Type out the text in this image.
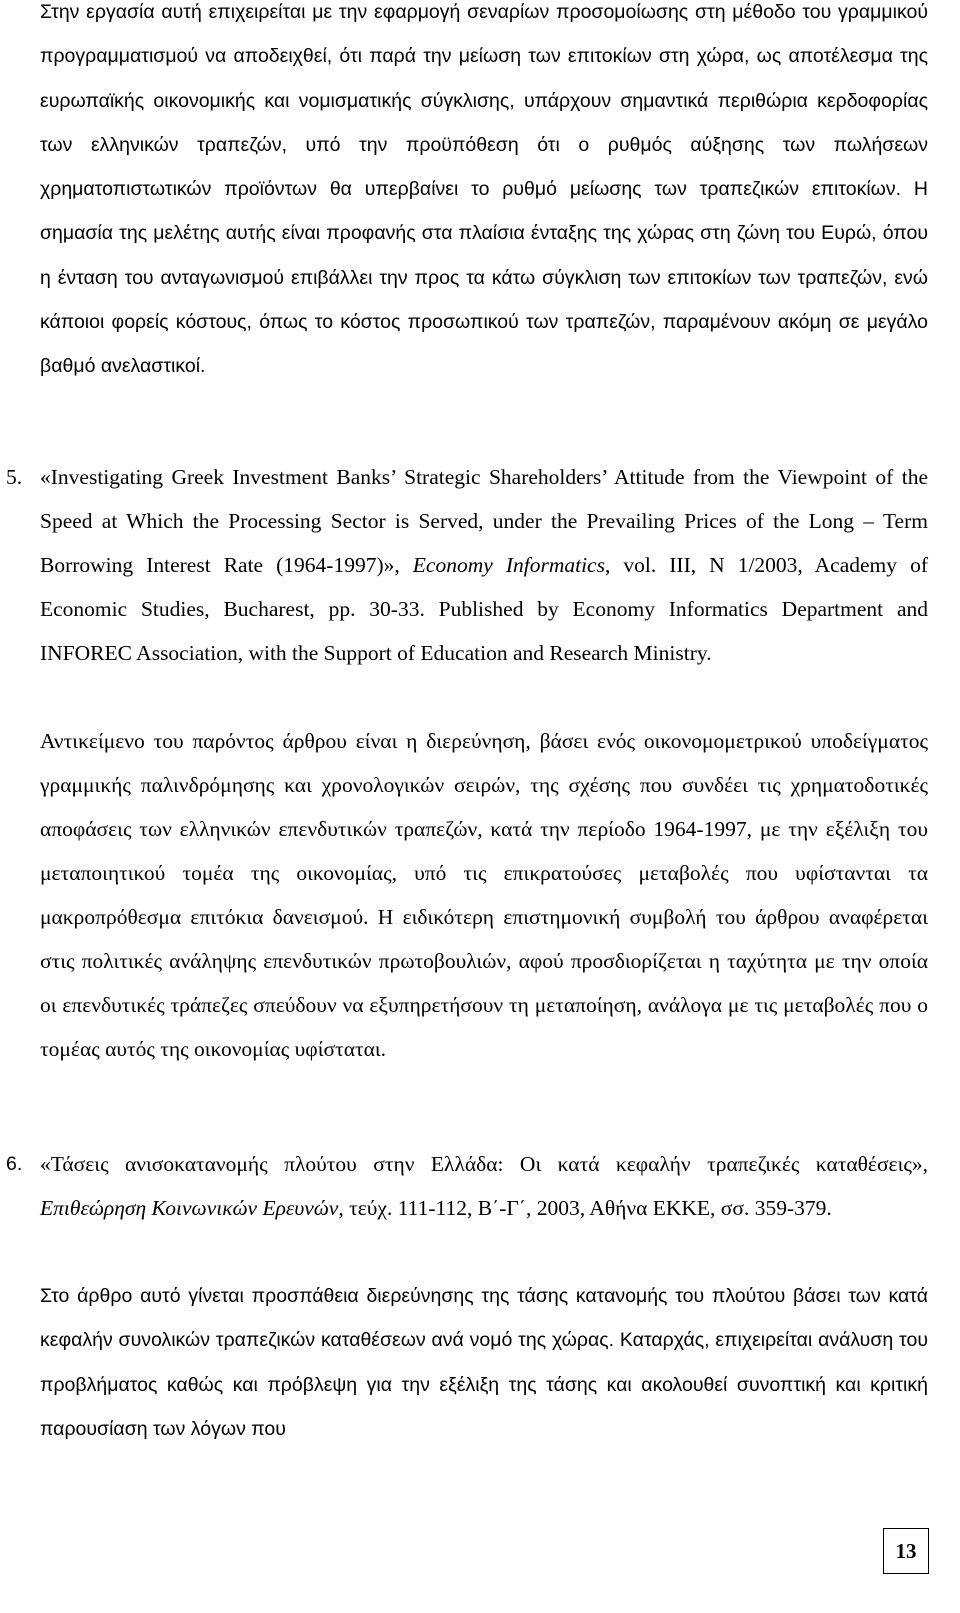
Στην εργασία αυτή επιχειρείται με την εφαρμογή σεναρίων προσομοίωσης στη μέθοδο του γραμμικού προγραμματισμού να αποδειχθεί, ότι παρά την μείωση των επιτοκίων στη χώρα, ως αποτέλεσμα της ευρωπαϊκής οικονομικής και νομισματικής σύγκλισης, υπάρχουν σημαντικά περιθώρια κερδοφορίας των ελληνικών τραπεζών, υπό την προϋπόθεση ότι ο ρυθμός αύξησης των πωλήσεων χρηματοπιστωτικών προϊόντων θα υπερβαίνει το ρυθμό μείωσης των τραπεζικών επιτοκίων. Η σημασία της μελέτης αυτής είναι προφανής στα πλαίσια ένταξης της χώρας στη ζώνη του Ευρώ, όπου η ένταση του ανταγωνισμού επιβάλλει την προς τα κάτω σύγκλιση των επιτοκίων των τραπεζών, ενώ κάποιοι φορείς κόστους, όπως το κόστος προσωπικού των τραπεζών, παραμένουν ακόμη σε μεγάλο βαθμό ανελαστικοί.

5. «Investigating Greek Investment Banks’ Strategic Shareholders’ Attitude from the Viewpoint of the Speed at Which the Processing Sector is Served, under the Prevailing Prices of the Long – Term Borrowing Interest Rate (1964-1997)», Economy Informatics, vol. III, N 1/2003, Academy of Economic Studies, Bucharest, pp. 30-33. Published by Economy Informatics Department and INFOREC Association, with the Support of Education and Research Ministry.

Αντικείμενο του παρόντος άρθρου είναι η διερεύνηση, βάσει ενός οικονομομετρικού υποδείγματος γραμμικής παλινδρόμησης και χρονολογικών σειρών, της σχέσης που συνδέει τις χρηματοδοτικές αποφάσεις των ελληνικών επενδυτικών τραπεζών, κατά την περίοδο 1964-1997, με την εξέλιξη του μεταποιητικού τομέα της οικονομίας, υπό τις επικρατούσες μεταβολές που υφίστανται τα μακροπρόθεσμα επιτόκια δανεισμού. Η ειδικότερη επιστημονική συμβολή του άρθρου αναφέρεται στις πολιτικές ανάληψης επενδυτικών πρωτοβουλιών, αφού προσδιορίζεται η ταχύτητα με την οποία οι επενδυτικές τράπεζες σπεύδουν να εξυπηρετήσουν τη μεταποίηση, ανάλογα με τις μεταβολές που ο τομέας αυτός της οικονομίας υφίσταται.

6. «Τάσεις ανισοκατανομής πλούτου στην Ελλάδα: Οι κατά κεφαλήν τραπεζικές καταθέσεις», Επιθεώρηση Κοινωνικών Ερευνών, τεύχ. 111-112, Β΄-Γ΄, 2003, Αθήνα ΕΚΚΕ, σσ. 359-379.

Στο άρθρο αυτό γίνεται προσπάθεια διερεύνησης της τάσης κατανομής του πλούτου βάσει των κατά κεφαλήν συνολικών τραπεζικών καταθέσεων ανά νομό της χώρας. Καταρχάς, επιχειρείται ανάλυση του προβλήματος καθώς και πρόβλεψη για την εξέλιξη της τάσης και ακολουθεί συνοπτική και κριτική παρουσίαση των λόγων που

13
